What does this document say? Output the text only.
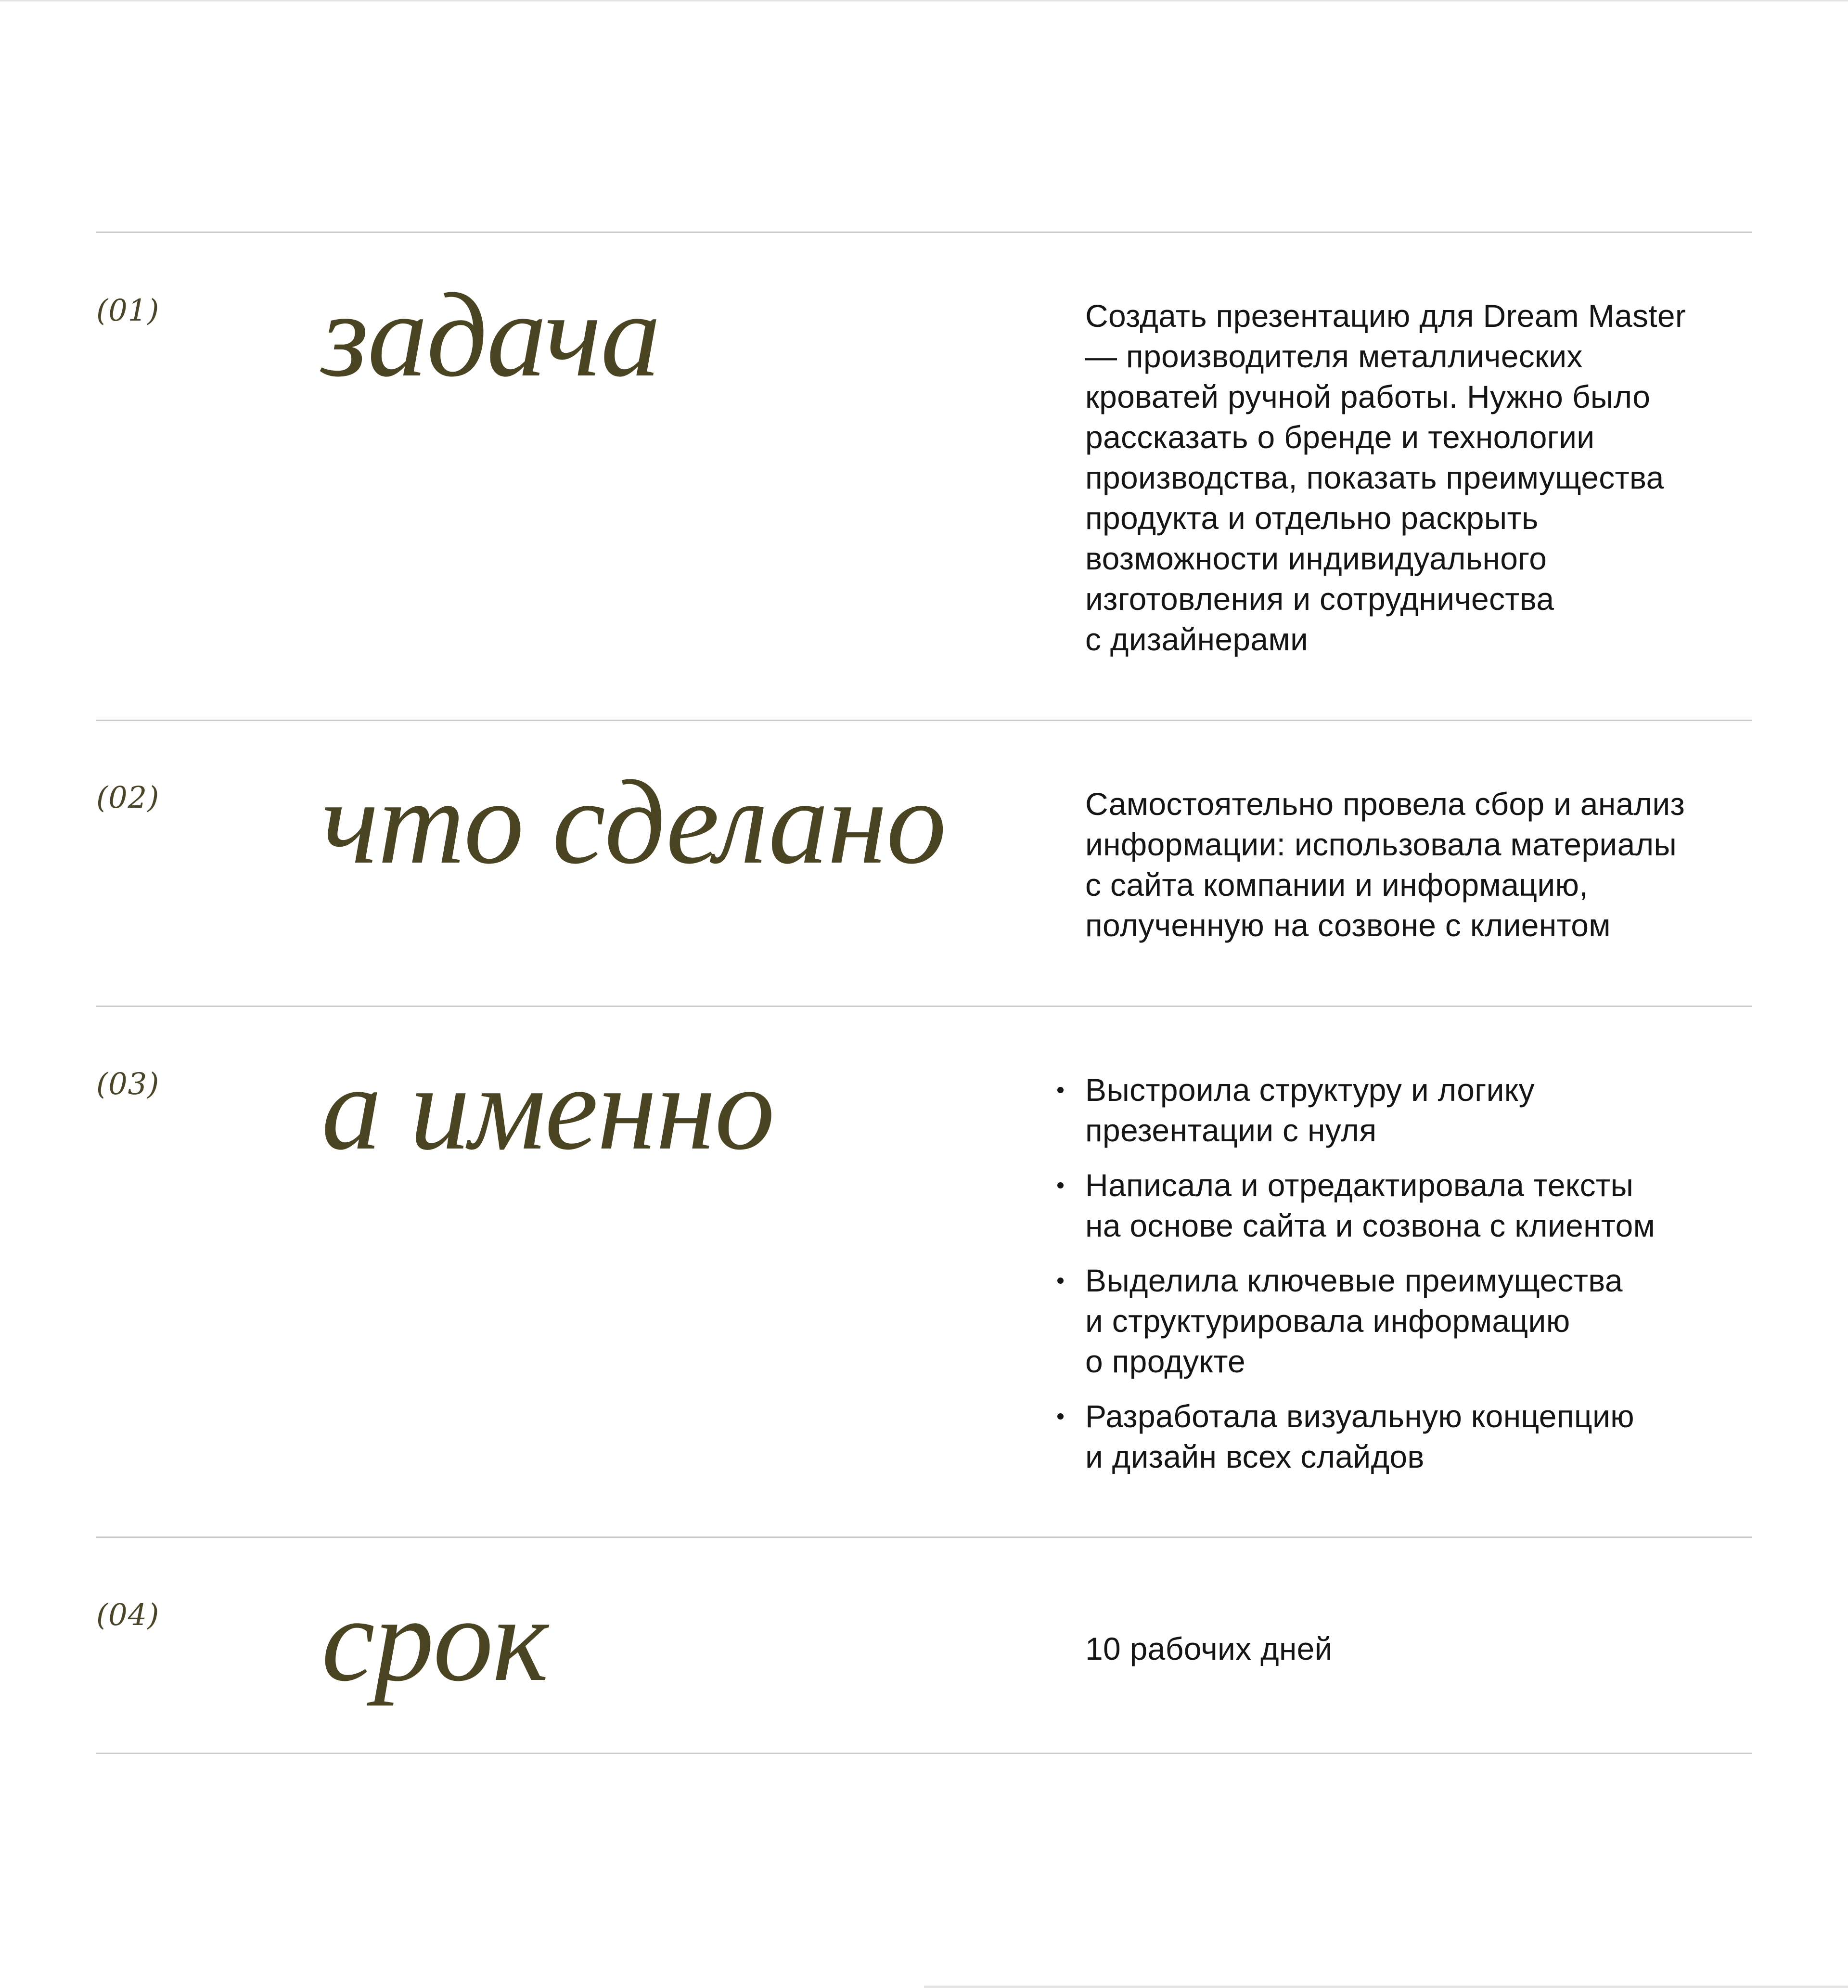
(01) задача	Создать презентацию для Dream Master
— производителя металлических
кроватей ручной работы. Нужно было
рассказать о бренде и технологии
производства, показать преимущества
продукта и отдельно раскрыть
возможности индивидуального
изготовления и сотрудничества
с дизайнерами
(02) что сделано	Самостоятельно провела сбор и анализ
информации: использовала материалы
с сайта компании и информацию,
полученную на созвоне с клиентом
(03) а именно	Выстроила структуру и логику
презентации с нуля
Написала и отредактировала тексты
на основе сайта и созвона с клиентом
Выделила ключевые преимущества
и структурировала информацию
о продукте
Разработала визуальную концепцию
и дизайн всех слайдов
(04) срок	10 рабочих дней
